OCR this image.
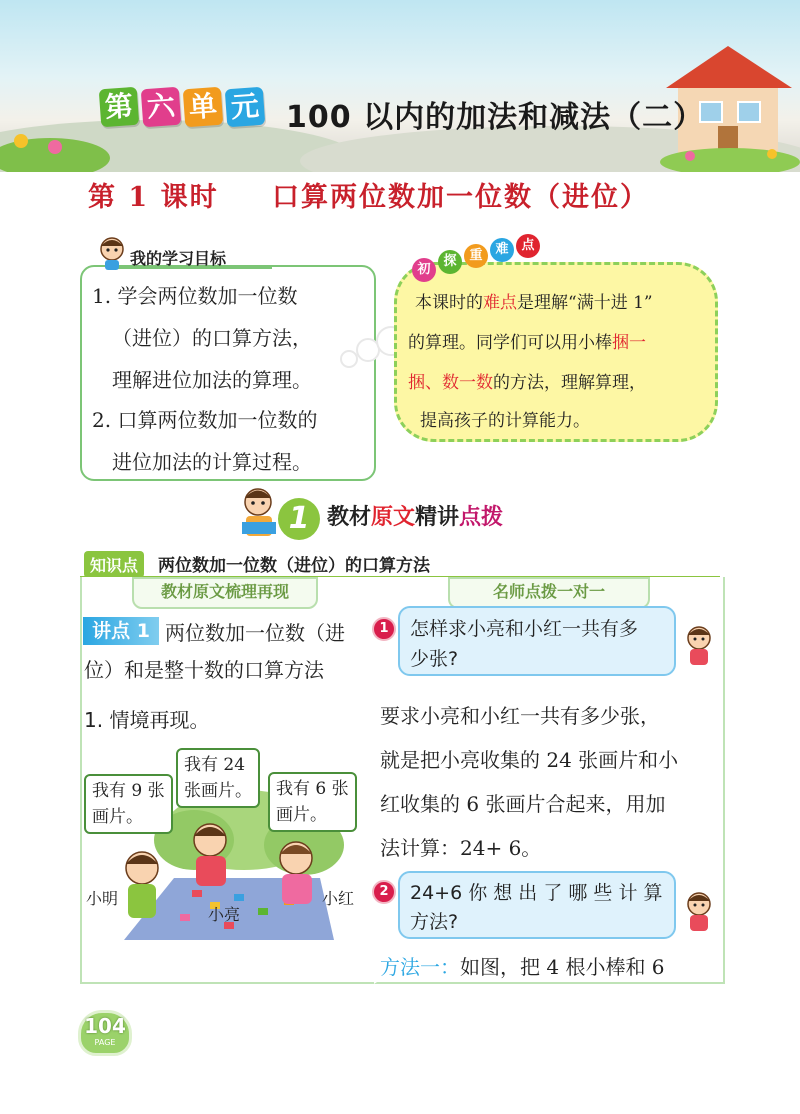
第 六 单 元 100 以内的加法和减法（二）
第 1 课时 口算两位数加一位数（进位）
我的学习目标
1. 学会两位数加一位数
（进位）的口算方法，
理解进位加法的算理。
2. 口算两位数加一位数的
进位加法的计算过程。
初
探 重 难 点
本课时的难点是理解“满十进 1”
的算理。同学们可以用小棒捆一
捆、数一数的方法，理解算理，
提高孩子的计算能力。
1 教材原文精讲点拨
知识点	两位数加一位数（进位）的口算方法
教材原文梳理再现
讲点 1 两位数加一位数（进
位）和是整十数的口算方法
1. 情境再现。
我有 9 张
画片。
我有 24
张画片。 我有 6 张
画片。
小明
小亮
小红
名师点拨一对一
1	怎样求小亮和小红一共有多
少张?
要求小亮和小红一共有多少张，
就是把小亮收集的 24 张画片和小
红收集的 6 张画片合起来，用加
法计算：24+ 6。
2	24+6 你 想 出 了 哪 些 计 算
方法?
方法一：如图，把 4 根小棒和 6
104
PAGE
